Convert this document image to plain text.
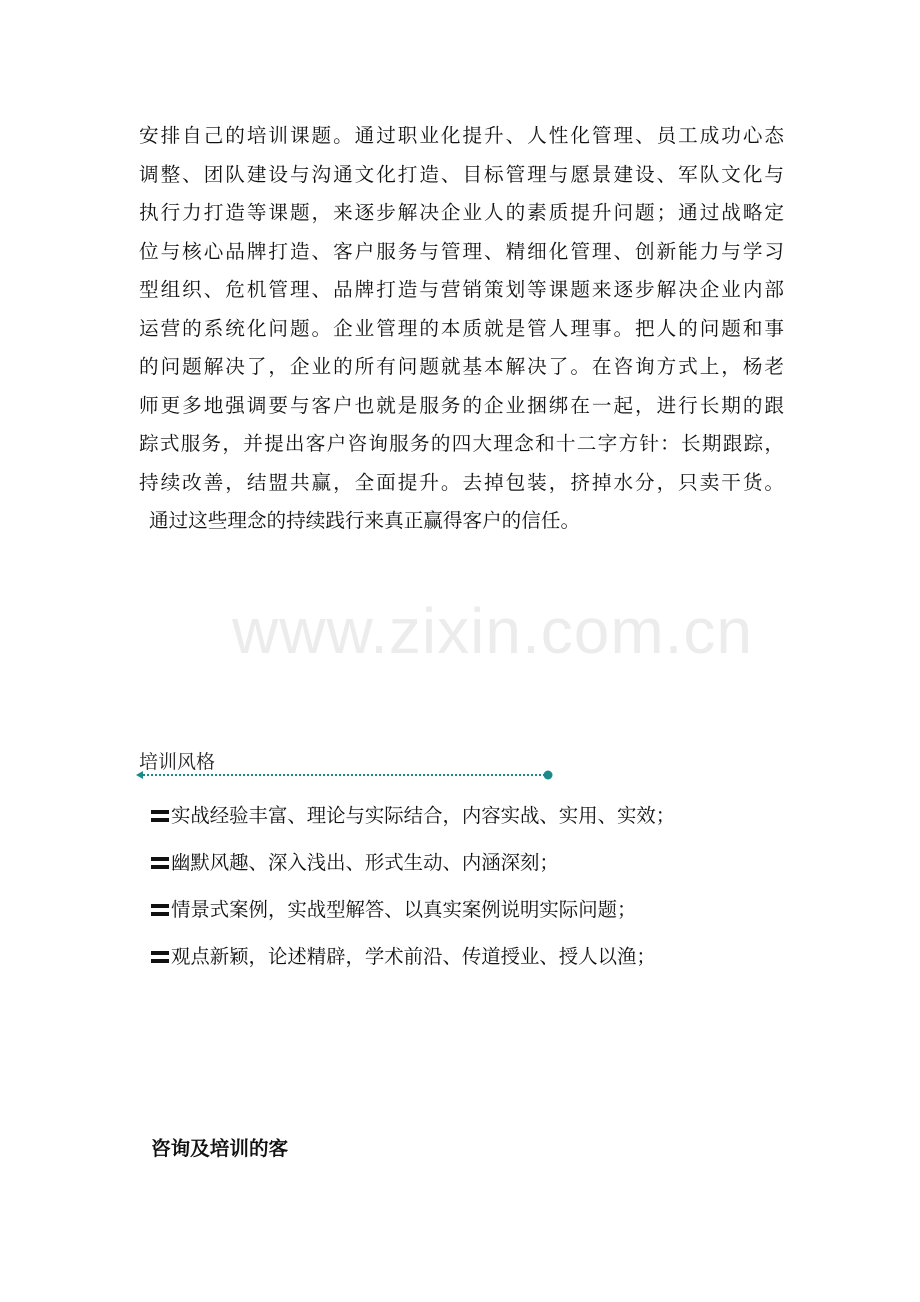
www.zixin.com.cn
安排自己的培训课题。通过职业化提升、人性化管理、员工成功心态
调整、团队建设与沟通文化打造、目标管理与愿景建设、军队文化与
执行力打造等课题，来逐步解决企业人的素质提升问题；通过战略定
位与核心品牌打造、客户服务与管理、精细化管理、创新能力与学习
型组织、危机管理、品牌打造与营销策划等课题来逐步解决企业内部
运营的系统化问题。企业管理的本质就是管人理事。把人的问题和事
的问题解决了，企业的所有问题就基本解决了。在咨询方式上，杨老
师更多地强调要与客户也就是服务的企业捆绑在一起，进行长期的跟
踪式服务，并提出客户咨询服务的四大理念和十二字方针：长期跟踪，
持续改善，结盟共赢，全面提升。去掉包装，挤掉水分，只卖干货。
通过这些理念的持续践行来真正赢得客户的信任。
培训风格
实战经验丰富、理论与实际结合，内容实战、实用、实效；
幽默风趣、深入浅出、形式生动、内涵深刻；
情景式案例，实战型解答、以真实案例说明实际问题；
观点新颖，论述精辟，学术前沿、传道授业、授人以渔；
咨询及培训的客
